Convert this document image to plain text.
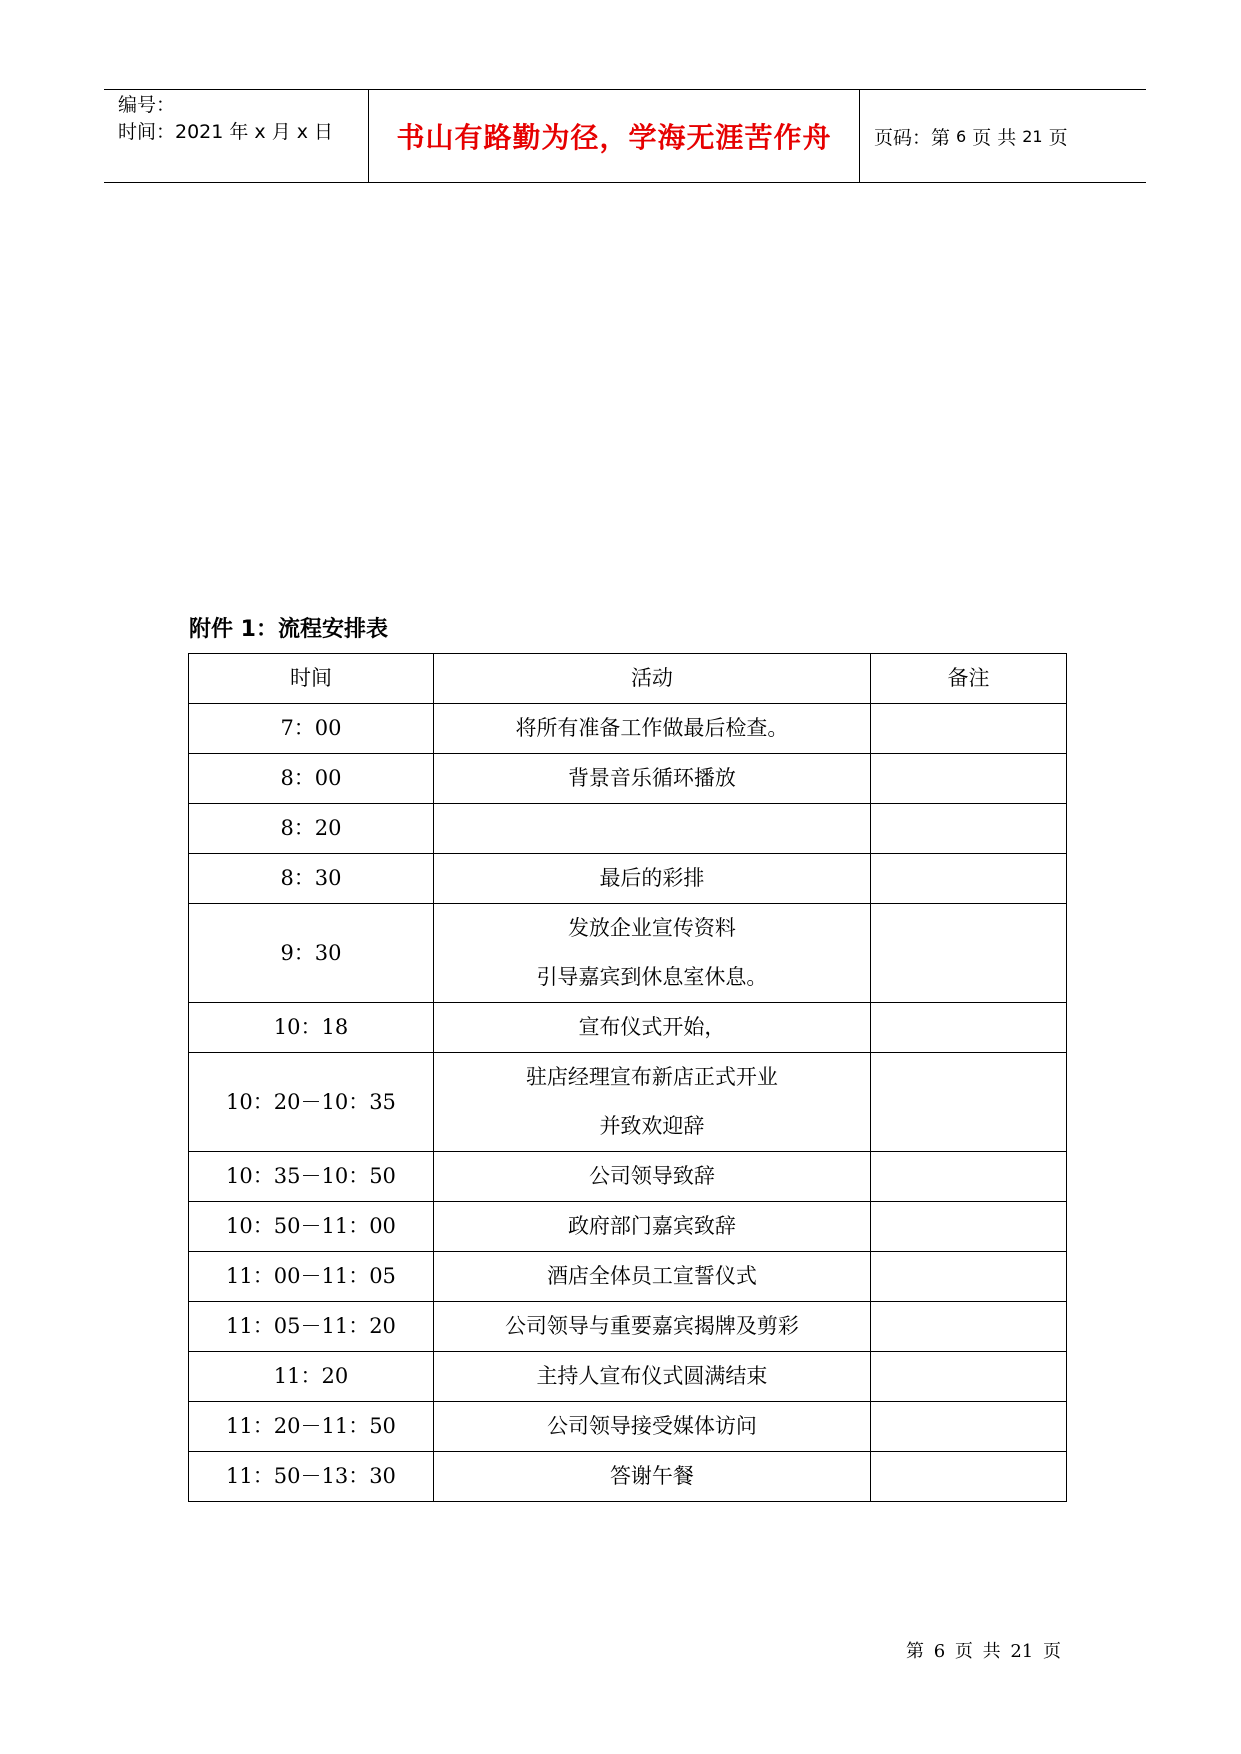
编号：
时间：2021 年 x 月 x 日	书山有路勤为径，学海无涯苦作舟	页码：第 6 页 共 21 页
附件 1：流程安排表
时间	活动	备注
7：00	将所有准备工作做最后检查。	

8：00	背景音乐循环播放	

8：20	

8：30	最后的彩排	

9：30	发放企业宣传资料
引导嘉宾到休息室休息。	

10：18	宣布仪式开始，	

10：20－10：35	驻店经理宣布新店正式开业
并致欢迎辞	

10：35－10：50	公司领导致辞	

10：50－11：00	政府部门嘉宾致辞	

11：00－11：05	酒店全体员工宣誓仪式	

11：05－11：20	公司领导与重要嘉宾揭牌及剪彩	

11：20	主持人宣布仪式圆满结束	

11：20－11：50	公司领导接受媒体访问	

11：50－13：30	答谢午餐	

第 6 页 共 21 页
